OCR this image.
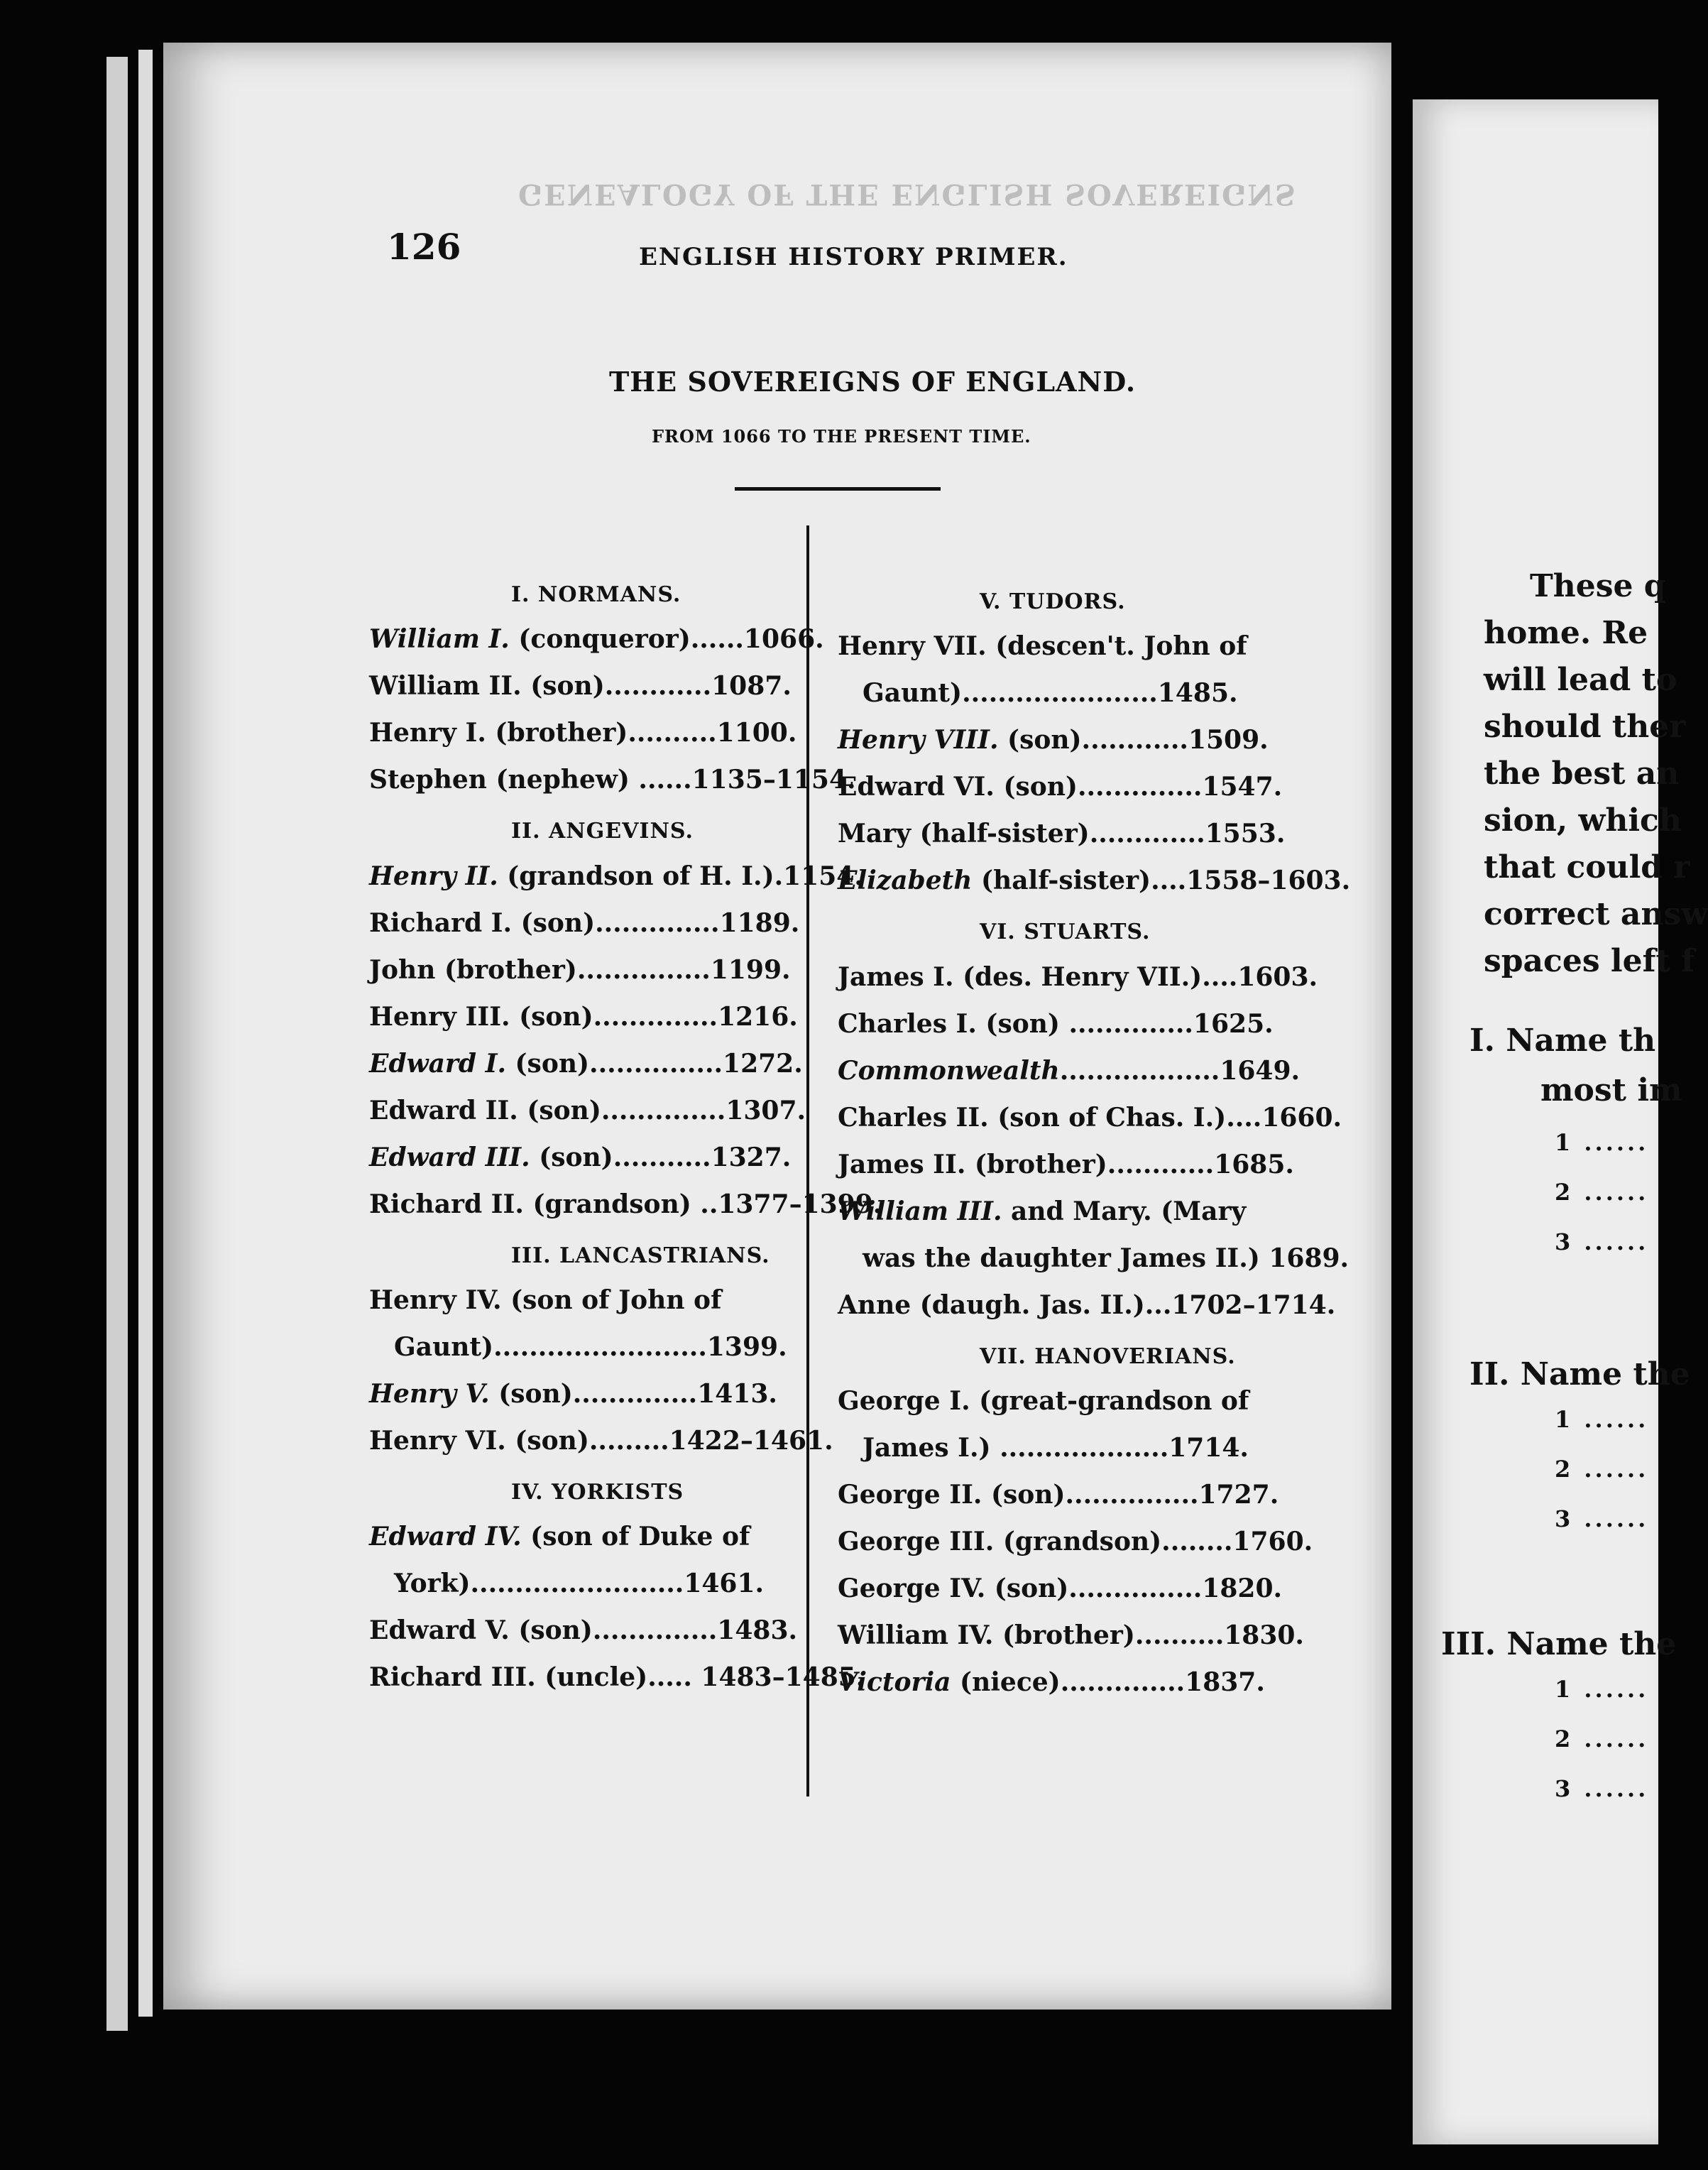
GENEALOGY OF THE ENGLISH SOVEREIGNS
126	ENGLISH HISTORY PRIMER.
THE SOVEREIGNS OF ENGLAND.
FROM 1066 TO THE PRESENT TIME.
I. NORMANS.
William I. (conqueror)......1066.
William II. (son)............1087.
Henry I. (brother)..........1100.
Stephen (nephew) ......1135–1154.
II. ANGEVINS.
Henry II. (grandson of H. I.).1154.
Richard I. (son)..............1189.
John (brother)...............1199.
Henry III. (son)..............1216.
Edward I. (son)...............1272.
Edward II. (son)..............1307.
Edward III. (son)...........1327.
Richard II. (grandson) ..1377–1399.
III. LANCASTRIANS.
Henry IV. (son of John of
Gaunt)........................1399.
Henry V. (son)..............1413.
Henry VI. (son).........1422–1461.
IV. YORKISTS
Edward IV. (son of Duke of
York)........................1461.
Edward V. (son)..............1483.
Richard III. (uncle)..... 1483–1485.
V. TUDORS.
Henry VII. (descen't. John of
Gaunt)......................1485.
Henry VIII. (son)............1509.
Edward VI. (son)..............1547.
Mary (half-sister).............1553.
Elizabeth (half-sister)....1558–1603.
VI. STUARTS.
James I. (des. Henry VII.)....1603.
Charles I. (son) ..............1625.
Commonwealth..................1649.
Charles II. (son of Chas. I.)....1660.
James II. (brother)............1685.
William III. and Mary. (Mary
was the daughter James II.) 1689.
Anne (daugh. Jas. II.)...1702–1714.
VII. HANOVERIANS.
George I. (great-grandson of
James I.) ...................1714.
George II. (son)...............1727.
George III. (grandson)........1760.
George IV. (son)...............1820.
William IV. (brother)..........1830.
Victoria (niece)..............1837.
These q
home. Re
will lead to
should ther
the best an
sion, which
that could r
correct answ
spaces left f
I. Name th
most im
1 ......
2 ......
3 ......
II. Name the
1 ......
2 ......
3 ......
III. Name the
1 ......
2 ......
3 ......
